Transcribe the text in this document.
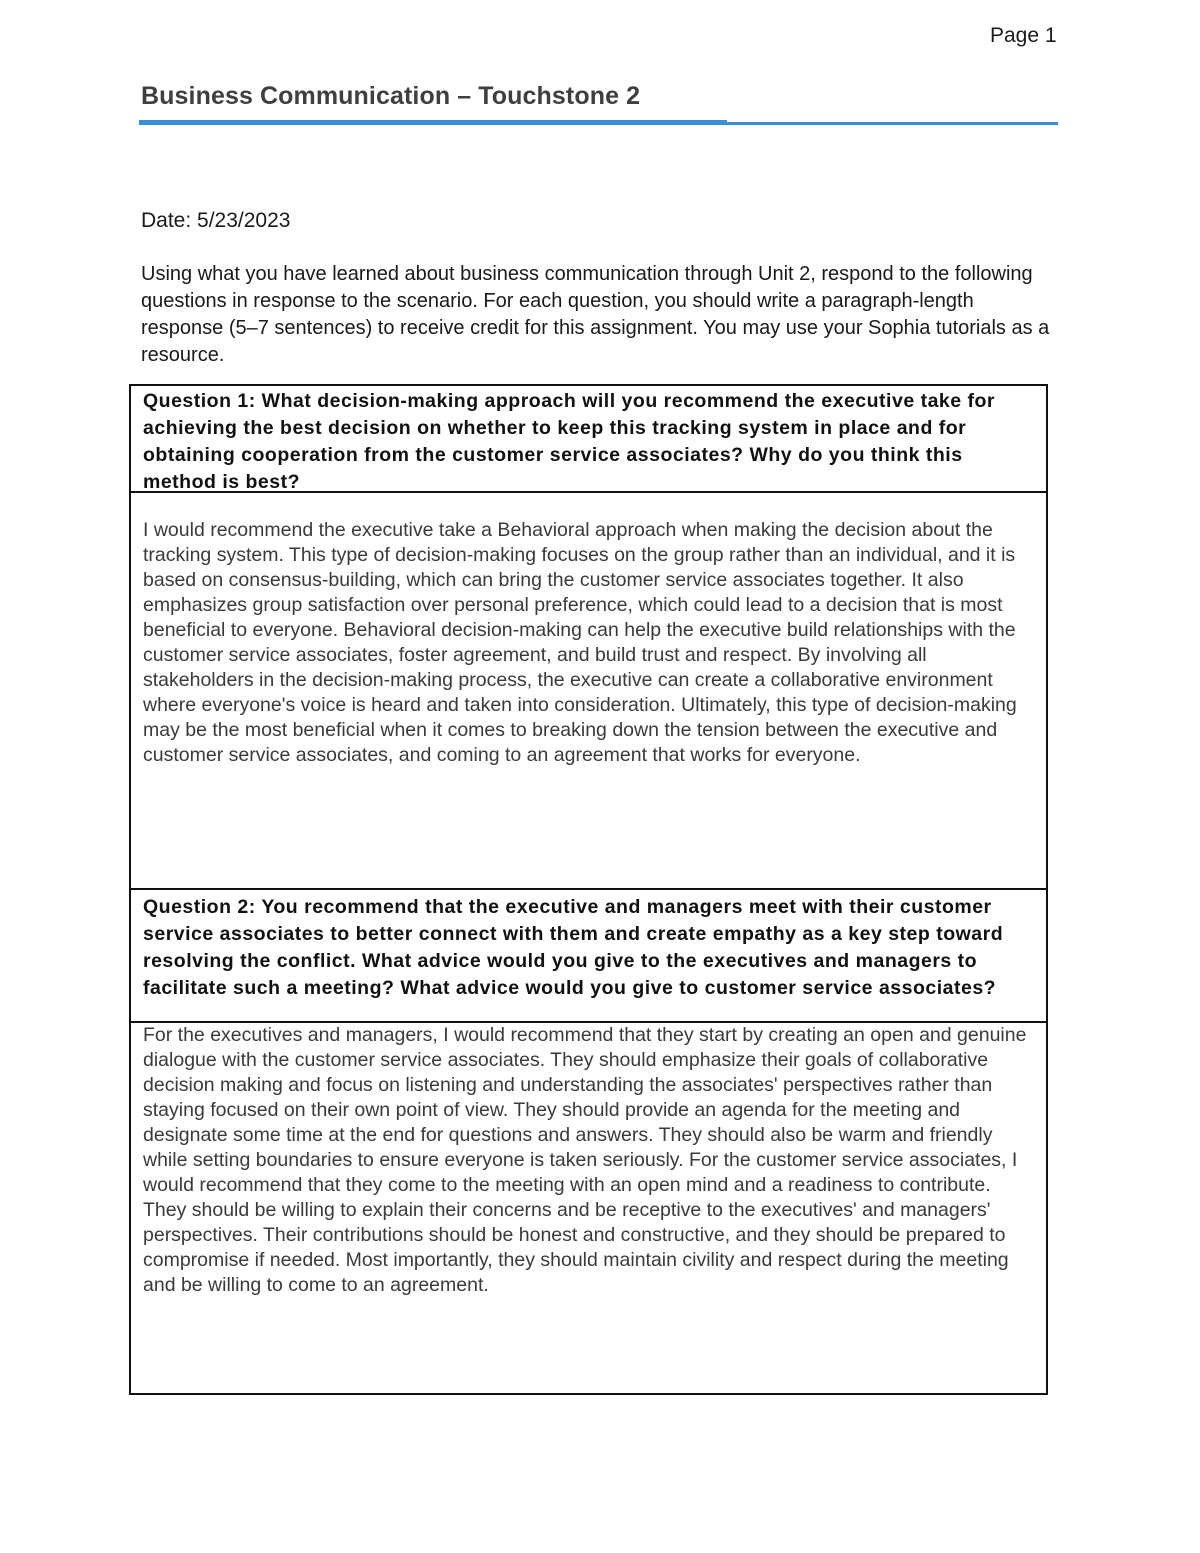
Page 1
Business Communication – Touchstone 2
Date: 5/23/2023

Using what you have learned about business communication through Unit 2, respond to the following questions in response to the scenario. For each question, you should write a paragraph-length response (5–7 sentences) to receive credit for this assignment. You may use your Sophia tutorials as a resource.

Question 1: What decision-making approach will you recommend the executive take for achieving the best decision on whether to keep this tracking system in place and for obtaining cooperation from the customer service associates? Why do you think this method is best?

I would recommend the executive take a Behavioral approach when making the decision about the tracking system. This type of decision-making focuses on the group rather than an individual, and it is based on consensus-building, which can bring the customer service associates together. It also emphasizes group satisfaction over personal preference, which could lead to a decision that is most beneficial to everyone. Behavioral decision-making can help the executive build relationships with the customer service associates, foster agreement, and build trust and respect. By involving all stakeholders in the decision-making process, the executive can create a collaborative environment where everyone's voice is heard and taken into consideration. Ultimately, this type of decision-making may be the most beneficial when it comes to breaking down the tension between the executive and customer service associates, and coming to an agreement that works for everyone.

Question 2: You recommend that the executive and managers meet with their customer service associates to better connect with them and create empathy as a key step toward resolving the conflict. What advice would you give to the executives and managers to facilitate such a meeting? What advice would you give to customer service associates?

For the executives and managers, I would recommend that they start by creating an open and genuine dialogue with the customer service associates. They should emphasize their goals of collaborative decision making and focus on listening and understanding the associates' perspectives rather than staying focused on their own point of view. They should provide an agenda for the meeting and designate some time at the end for questions and answers. They should also be warm and friendly while setting boundaries to ensure everyone is taken seriously. For the customer service associates, I would recommend that they come to the meeting with an open mind and a readiness to contribute. They should be willing to explain their concerns and be receptive to the executives' and managers' perspectives. Their contributions should be honest and constructive, and they should be prepared to compromise if needed. Most importantly, they should maintain civility and respect during the meeting and be willing to come to an agreement.
